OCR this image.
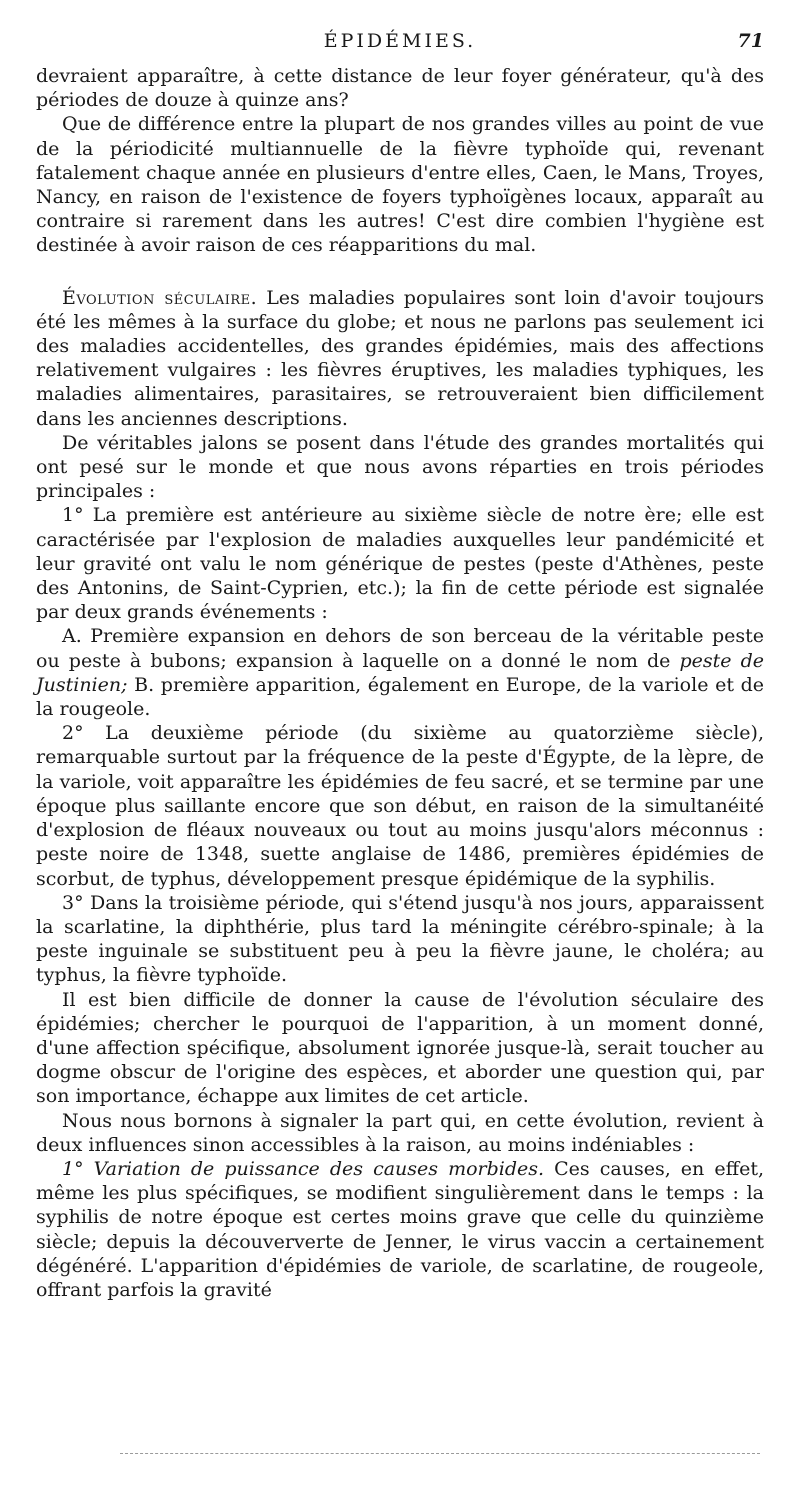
ÉPIDÉMIES.	71

devraient apparaître, à cette distance de leur foyer générateur, qu'à des périodes de douze à quinze ans?

Que de différence entre la plupart de nos grandes villes au point de vue de la périodicité multiannuelle de la fièvre typhoïde qui, revenant fatalement chaque année en plusieurs d'entre elles, Caen, le Mans, Troyes, Nancy, en raison de l'existence de foyers typhoïgènes locaux, apparaît au contraire si rarement dans les autres! C'est dire combien l'hygiène est destinée à avoir raison de ces réapparitions du mal.

Évolution séculaire. Les maladies populaires sont loin d'avoir toujours été les mêmes à la surface du globe; et nous ne parlons pas seulement ici des maladies accidentelles, des grandes épidémies, mais des affections relativement vulgaires : les fièvres éruptives, les maladies typhiques, les maladies alimentaires, parasitaires, se retrouveraient bien difficilement dans les anciennes descriptions.

De véritables jalons se posent dans l'étude des grandes mortalités qui ont pesé sur le monde et que nous avons réparties en trois périodes principales :

1° La première est antérieure au sixième siècle de notre ère; elle est caractérisée par l'explosion de maladies auxquelles leur pandémicité et leur gravité ont valu le nom générique de pestes (peste d'Athènes, peste des Antonins, de Saint-Cyprien, etc.); la fin de cette période est signalée par deux grands événements :

A. Première expansion en dehors de son berceau de la véritable peste ou peste à bubons; expansion à laquelle on a donné le nom de peste de Justinien; B. première apparition, également en Europe, de la variole et de la rougeole.

2° La deuxième période (du sixième au quatorzième siècle), remarquable surtout par la fréquence de la peste d'Égypte, de la lèpre, de la variole, voit apparaître les épidémies de feu sacré, et se termine par une époque plus saillante encore que son début, en raison de la simultanéité d'explosion de fléaux nouveaux ou tout au moins jusqu'alors méconnus : peste noire de 1348, suette anglaise de 1486, premières épidémies de scorbut, de typhus, développement presque épidémique de la syphilis.

3° Dans la troisième période, qui s'étend jusqu'à nos jours, apparaissent la scarlatine, la diphthérie, plus tard la méningite cérébro-spinale; à la peste inguinale se substituent peu à peu la fièvre jaune, le choléra; au typhus, la fièvre typhoïde.

Il est bien difficile de donner la cause de l'évolution séculaire des épidémies; chercher le pourquoi de l'apparition, à un moment donné, d'une affection spécifique, absolument ignorée jusque-là, serait toucher au dogme obscur de l'origine des espèces, et aborder une question qui, par son importance, échappe aux limites de cet article.

Nous nous bornons à signaler la part qui, en cette évolution, revient à deux influences sinon accessibles à la raison, au moins indéniables :

1° Variation de puissance des causes morbides. Ces causes, en effet, même les plus spécifiques, se modifient singulièrement dans le temps : la syphilis de notre époque est certes moins grave que celle du quinzième siècle; depuis la découververte de Jenner, le virus vaccin a certainement dégénéré. L'apparition d'épidémies de variole, de scarlatine, de rougeole, offrant parfois la gravité
